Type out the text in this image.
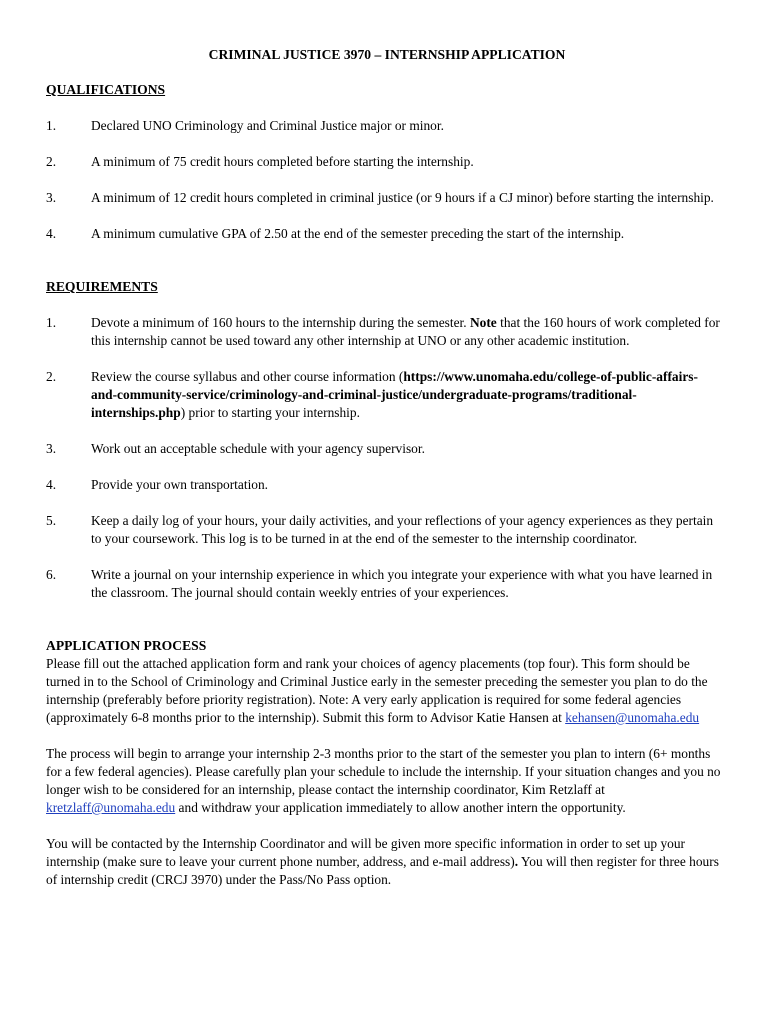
CRIMINAL JUSTICE 3970 – INTERNSHIP APPLICATION
QUALIFICATIONS
1.	Declared UNO Criminology and Criminal Justice major or minor.
2.	A minimum of 75 credit hours completed before starting the internship.
3.	A minimum of 12 credit hours completed in criminal justice (or 9 hours if a CJ minor) before starting the internship.
4.	A minimum cumulative GPA of 2.50 at the end of the semester preceding the start of the internship.
REQUIREMENTS
1.	Devote a minimum of 160 hours to the internship during the semester. Note that the 160 hours of work completed for this internship cannot be used toward any other internship at UNO or any other academic institution.
2.	Review the course syllabus and other course information (https://www.unomaha.edu/college-of-public-affairs-and-community-service/criminology-and-criminal-justice/undergraduate-programs/traditional-internships.php) prior to starting your internship.
3.	Work out an acceptable schedule with your agency supervisor.
4.	Provide your own transportation.
5.	Keep a daily log of your hours, your daily activities, and your reflections of your agency experiences as they pertain to your coursework. This log is to be turned in at the end of the semester to the internship coordinator.
6.	Write a journal on your internship experience in which you integrate your experience with what you have learned in the classroom. The journal should contain weekly entries of your experiences.
APPLICATION PROCESS

Please fill out the attached application form and rank your choices of agency placements (top four). This form should be turned in to the School of Criminology and Criminal Justice early in the semester preceding the semester you plan to do the internship (preferably before priority registration). Note: A very early application is required for some federal agencies (approximately 6-8 months prior to the internship). Submit this form to Advisor Katie Hansen at kehansen@unomaha.edu

The process will begin to arrange your internship 2-3 months prior to the start of the semester you plan to intern (6+ months for a few federal agencies). Please carefully plan your schedule to include the internship. If your situation changes and you no longer wish to be considered for an internship, please contact the internship coordinator, Kim Retzlaff at kretzlaff@unomaha.edu and withdraw your application immediately to allow another intern the opportunity.

You will be contacted by the Internship Coordinator and will be given more specific information in order to set up your internship (make sure to leave your current phone number, address, and e-mail address). You will then register for three hours of internship credit (CRCJ 3970) under the Pass/No Pass option.
